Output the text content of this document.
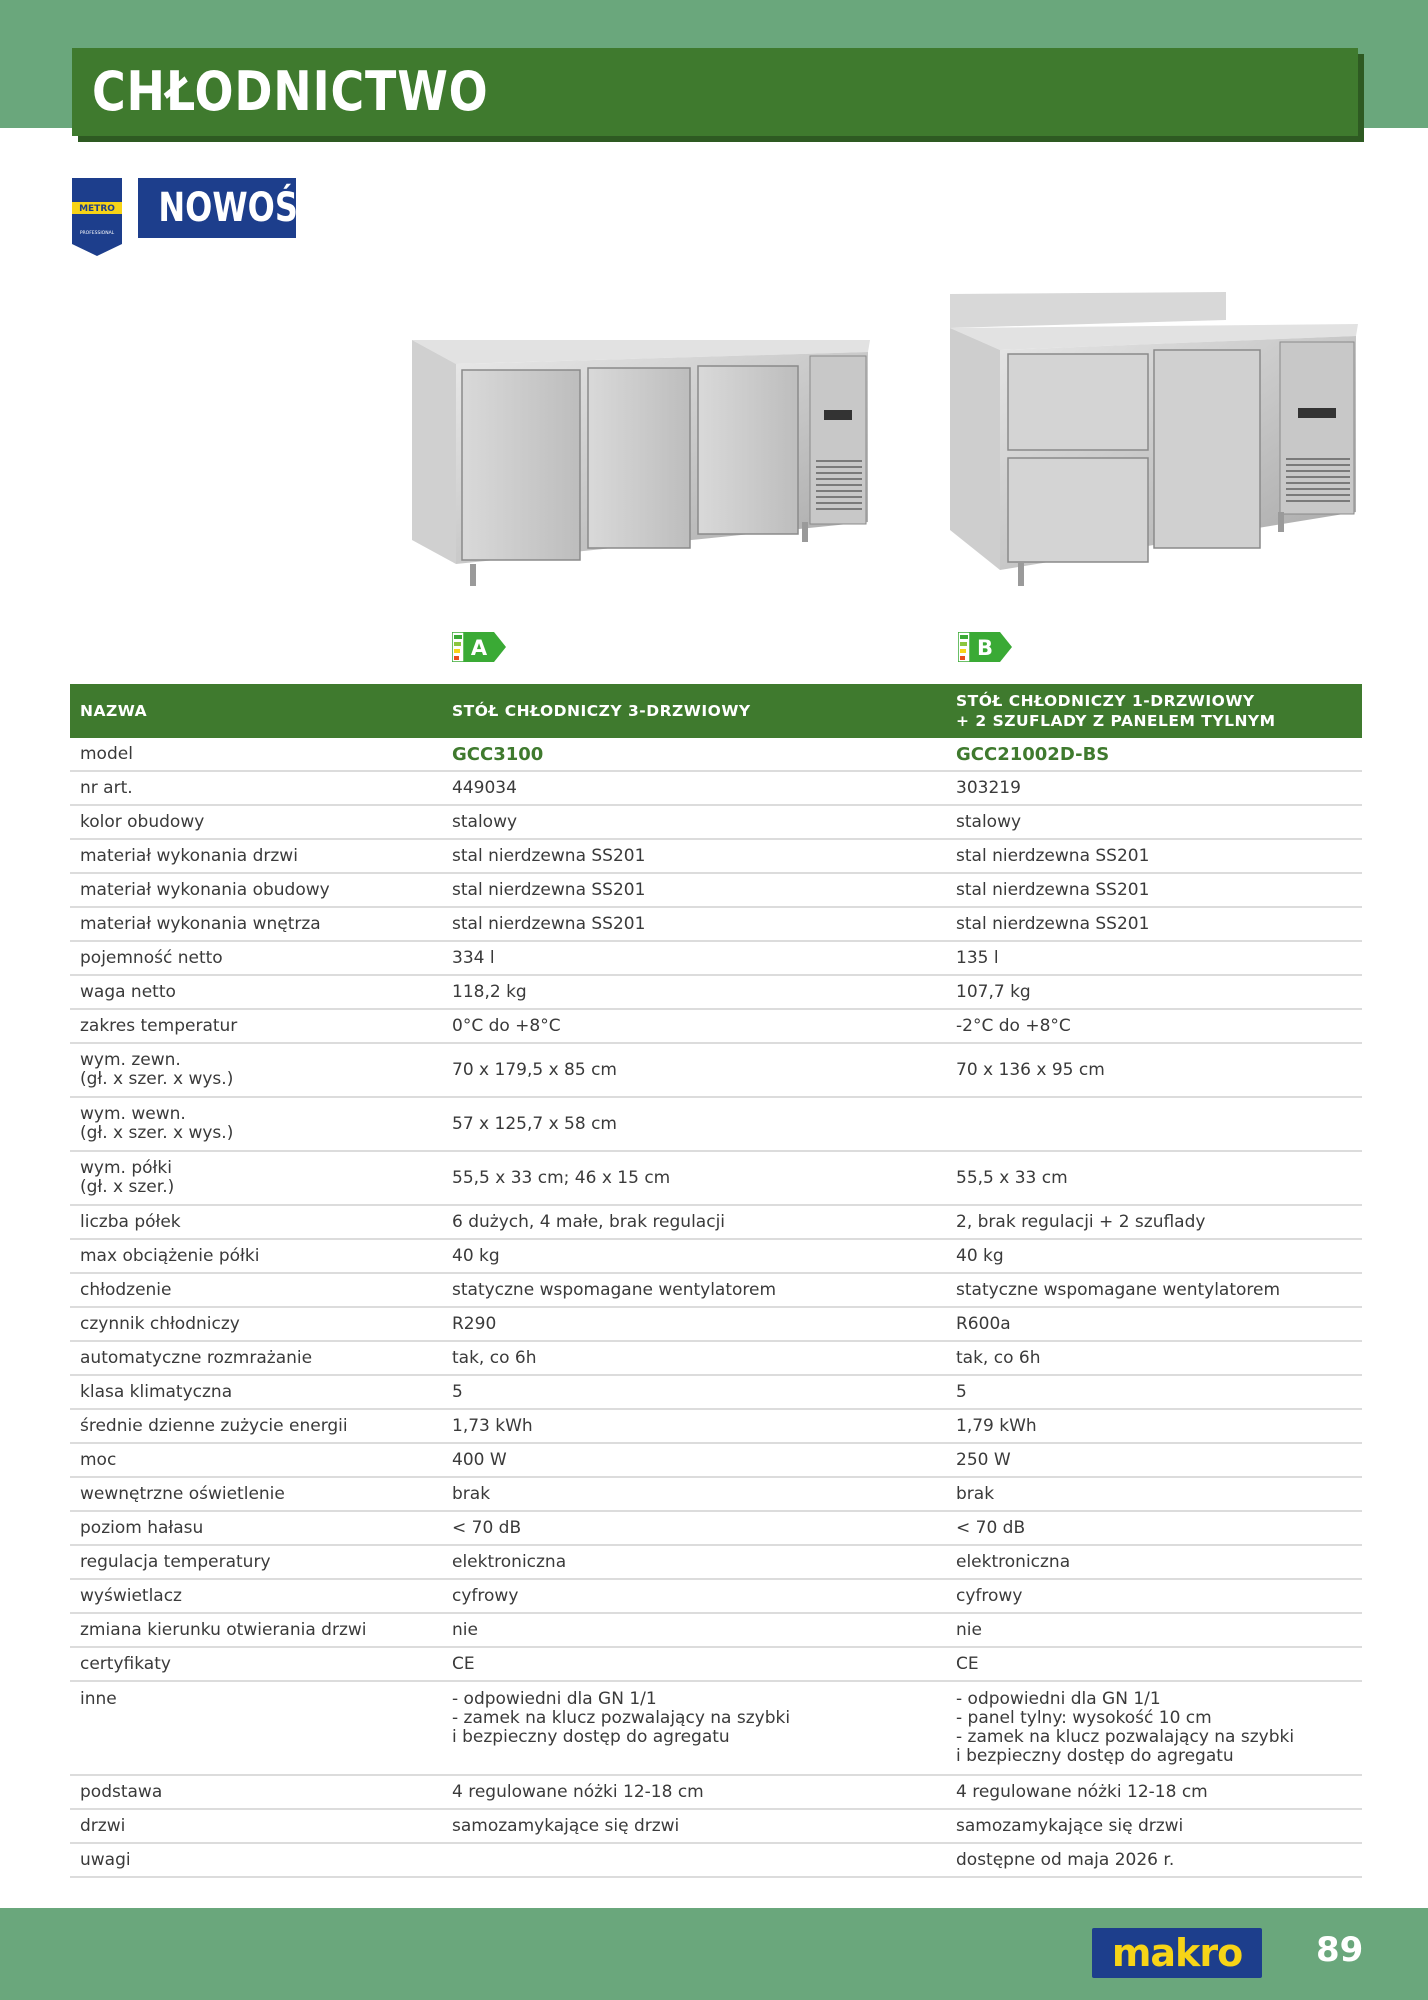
CHŁODNICTWO
METRO
PROFESSIONAL
NOWOŚĆ
A	B
NAZWA	STÓŁ CHŁODNICZY 3-DRZWIOWY	STÓŁ CHŁODNICZY 1-DRZWIOWY
+ 2 SZUFLADY Z PANELEM TYLNYM
model	GCC3100	GCC21002D-BS
nr art.	449034	303219
kolor obudowy	stalowy	stalowy
materiał wykonania drzwi	stal nierdzewna SS201	stal nierdzewna SS201
materiał wykonania obudowy	stal nierdzewna SS201	stal nierdzewna SS201
materiał wykonania wnętrza	stal nierdzewna SS201	stal nierdzewna SS201
pojemność netto	334 l	135 l
waga netto	118,2 kg	107,7 kg
zakres temperatur	0°C do +8°C	-2°C do +8°C
wym. zewn.
(gł. x szer. x wys.)	70 x 179,5 x 85 cm	70 x 136 x 95 cm
wym. wewn.
(gł. x szer. x wys.)	57 x 125,7 x 58 cm	
wym. półki
(gł. x szer.)	55,5 x 33 cm; 46 x 15 cm	55,5 x 33 cm
liczba półek	6 dużych, 4 małe, brak regulacji	2, brak regulacji + 2 szuflady
max obciążenie półki	40 kg	40 kg
chłodzenie	statyczne wspomagane wentylatorem	statyczne wspomagane wentylatorem
czynnik chłodniczy	R290	R600a
automatyczne rozmrażanie	tak, co 6h	tak, co 6h
klasa klimatyczna	5	5
średnie dzienne zużycie energii	1,73 kWh	1,79 kWh
moc	400 W	250 W
wewnętrzne oświetlenie	brak	brak
poziom hałasu	< 70 dB	< 70 dB
regulacja temperatury	elektroniczna	elektroniczna
wyświetlacz	cyfrowy	cyfrowy
zmiana kierunku otwierania drzwi	nie	nie
certyfikaty	CE	CE
inne	- odpowiedni dla GN 1/1
- zamek na klucz pozwalający na szybki
i bezpieczny dostęp do agregatu	- odpowiedni dla GN 1/1
- panel tylny: wysokość 10 cm
- zamek na klucz pozwalający na szybki
i bezpieczny dostęp do agregatu
podstawa	4 regulowane nóżki 12-18 cm	4 regulowane nóżki 12-18 cm
drzwi	samozamykające się drzwi	samozamykające się drzwi
uwagi		dostępne od maja 2026 r.
makro	89
